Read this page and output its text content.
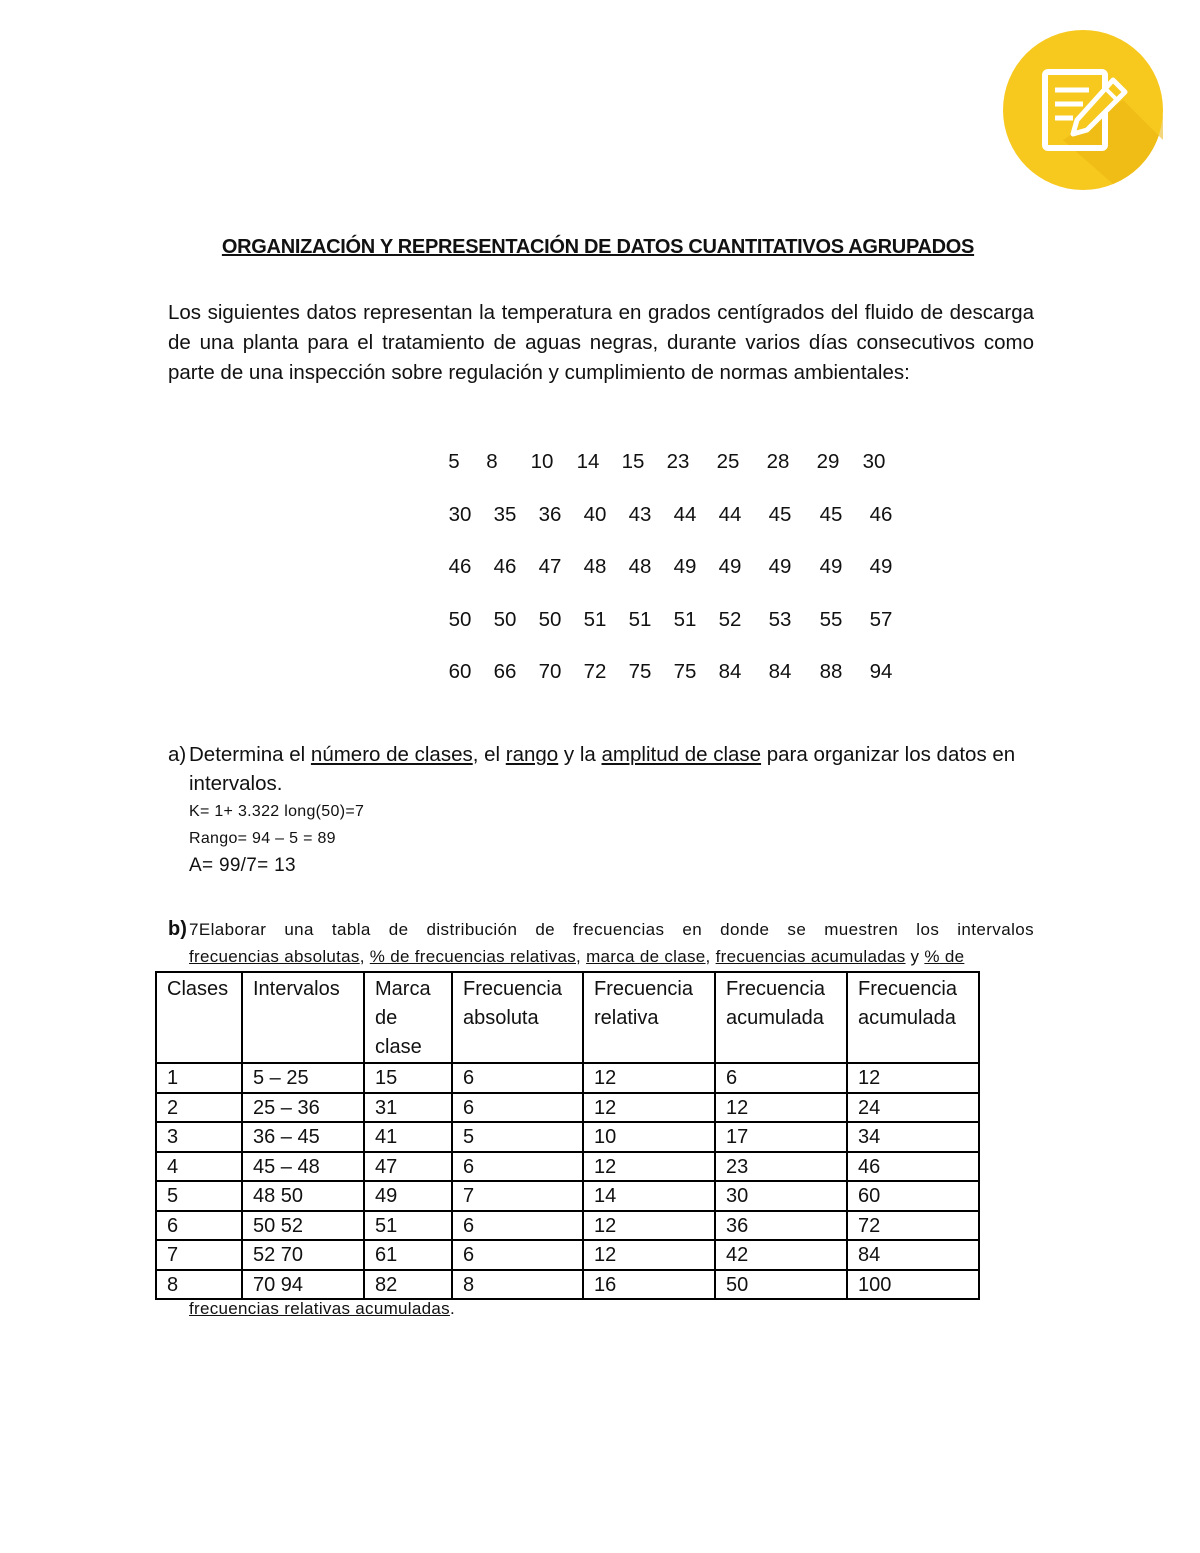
ORGANIZACIÓN Y REPRESENTACIÓN DE DATOS CUANTITATIVOS AGRUPADOS

Los siguientes datos representan la temperatura en grados centígrados del fluido de descarga de una planta para el tratamiento de aguas negras, durante varios días consecutivos como parte de una inspección sobre regulación y cumplimiento de normas ambientales:

5	8	10	14	15	23	25	28	29	30
30	35	36	40	43	44	44	45	45	46
46	46	47	48	48	49	49	49	49	49
50	50	50	51	51	51	52	53	55	57
60	66	70	72	75	75	84	84	88	94
a) Determina el número de clases, el rango y la amplitud de clase para organizar los datos en intervalos.
K= 1+ 3.322 long(50)=7
Rango= 94 – 5 = 89
A= 99/7= 13
b) 7Elaborar una tabla de distribución de frecuencias en donde se muestren los intervalos
frecuencias absolutas, % de frecuencias relativas, marca de clase, frecuencias acumuladas y % de
Clases	Intervalos	Marca de clase	Frecuencia absoluta	Frecuencia relativa	Frecuencia acumulada	Frecuencia acumulada
1	5 – 25	15	6	12	6	12
2	25 – 36	31	6	12	12	24
3	36 – 45	41	5	10	17	34
4	45 – 48	47	6	12	23	46
5	48 50	49	7	14	30	60
6	50 52	51	6	12	36	72
7	52 70	61	6	12	42	84
8	70 94	82	8	16	50	100
frecuencias relativas acumuladas.
